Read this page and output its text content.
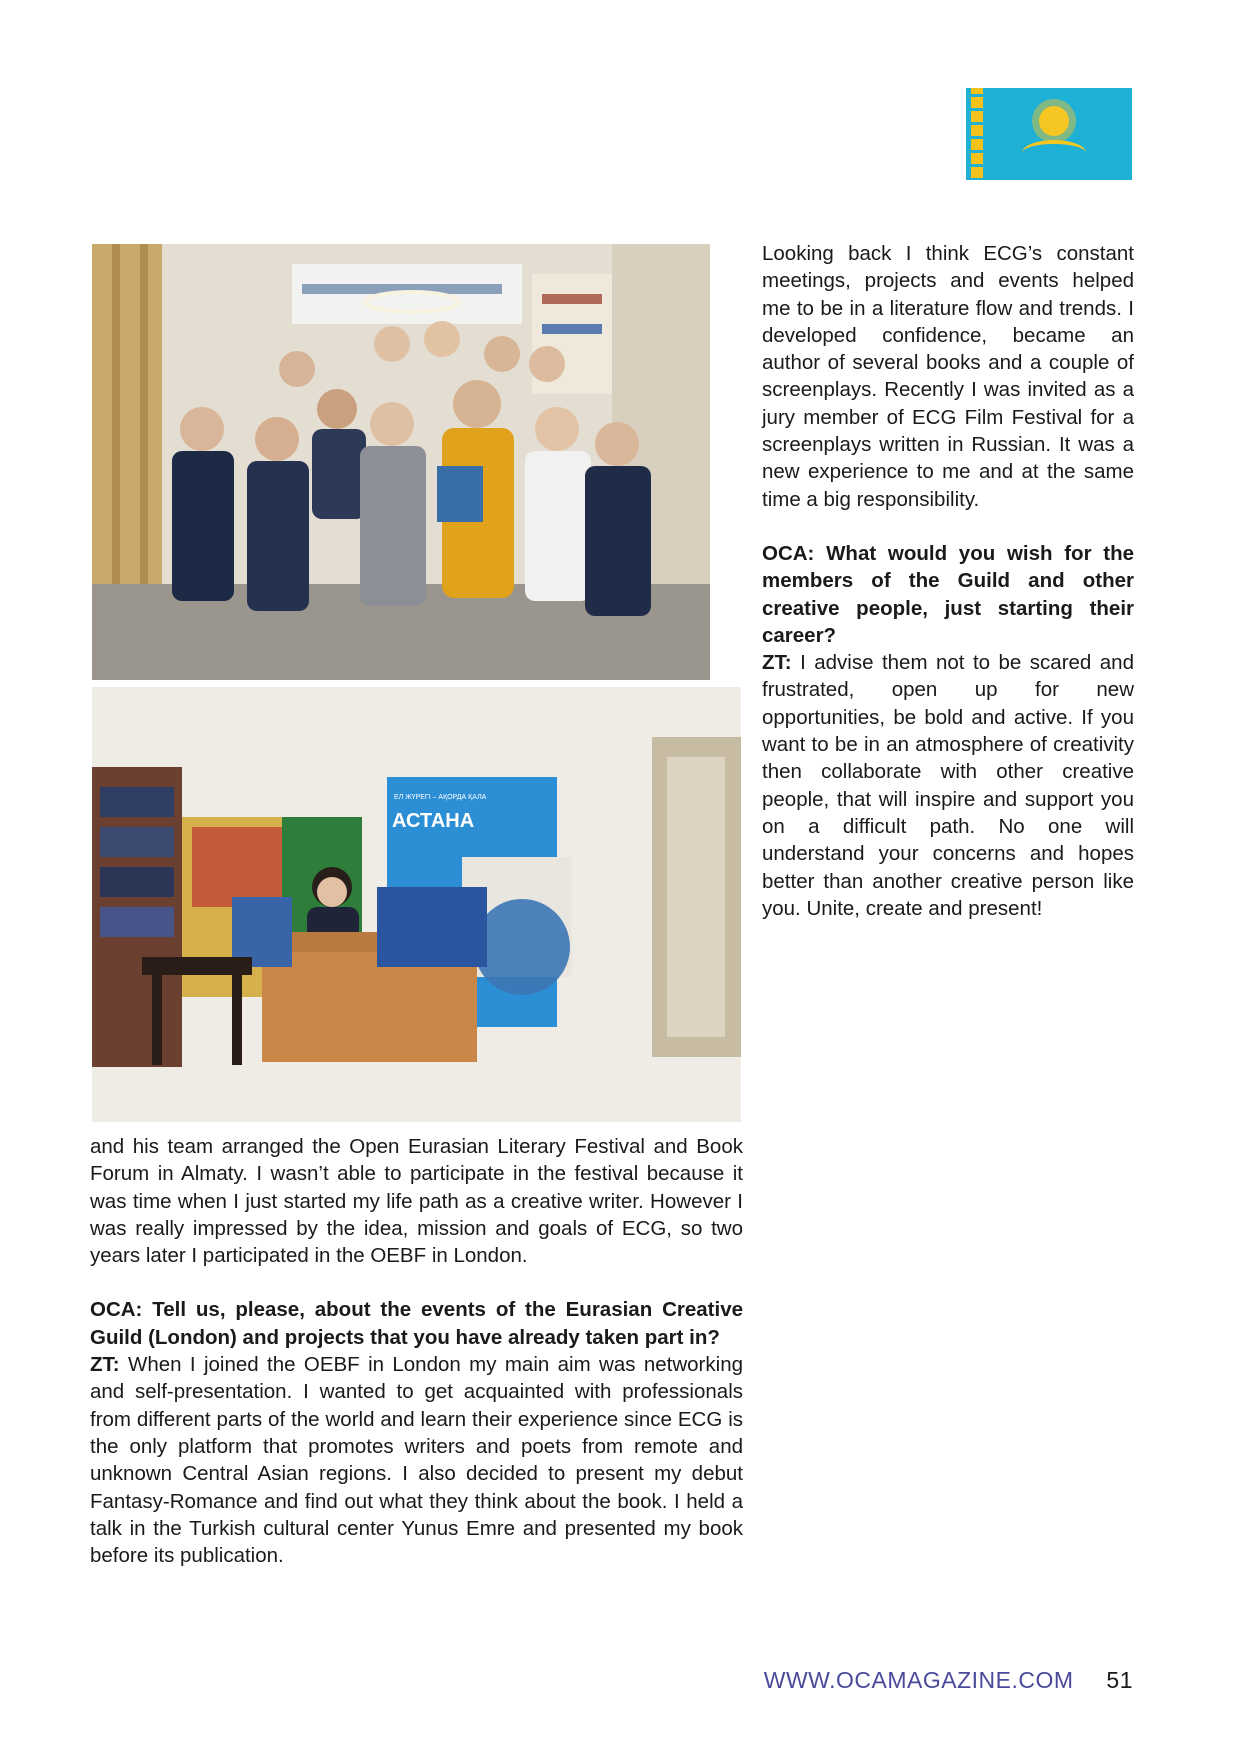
ЕЛ ЖҮРЕГІ – АҚОРДА ҚАЛА
АСТАНА

Looking back I think ECG’s constant meetings, projects and events helped me to be in a literature flow and trends. I developed confidence, became an author of several books and a couple of screenplays. Recently I was invited as a jury member of ECG Film Festival for a screenplays written in Russian. It was a new experience to me and at the same time a big responsibility.

OCA: What would you wish for the members of the Guild and other creative people, just starting their career?

ZT: I advise them not to be scared and frustrated, open up for new opportunities, be bold and active. If you want to be in an atmosphere of creativity then collaborate with other creative people, that will inspire and support you on a difficult path. No one will understand your concerns and hopes better than another creative person like you. Unite, create and present!

and his team arranged the Open Eurasian Literary Festival and Book Forum in Almaty. I wasn’t able to participate in the festival because it was time when I just started my life path as a creative writer. However I was really impressed by the idea, mission and goals of ECG, so two years later I participated in the OEBF in London.

OCA: Tell us, please, about the events of the Eurasian Creative Guild (London) and projects that you have already taken part in?

ZT: When I joined the OEBF in London my main aim was networking and self-presentation. I wanted to get acquainted with professionals from different parts of the world and learn their experience since ECG is the only platform that promotes writers and poets from remote and unknown Central Asian regions. I also decided to present my debut Fantasy-Romance and find out what they think about the book. I held a talk in the Turkish cultural center Yunus Emre and presented my book before its publication.

WWW.OCAMAGAZINE.COM 51
